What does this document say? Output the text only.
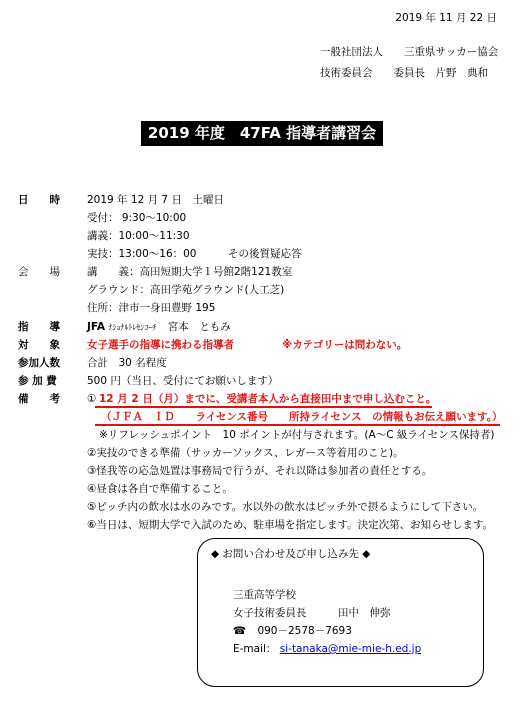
2019 年 11 月 22 日
一般社団法人　　三重県サッカー協会
技術委員会　　委員長　片野　典和
2019 年度　47FA 指導者講習会
日　　時	2019 年 12 月 7 日　土曜日
受付： 9:30～10:00
講義：10:00～11:30
実技：13:00～16：00　　　その後質疑応答
会　　場	講　　義：高田短期大学１号館2階121教室
グラウンド：高田学苑グラウンド(人工芝)
住所：津市一身田豊野 195
指　　導	JFA ﾅｼｮﾅﾙﾄﾚｾﾝｺｰﾁ 宮本　ともみ
対　　象	女子選手の指導に携わる指導者	※カテゴリーは問わない。
参加人数	合計　30 名程度
参 加 費	500 円（当日、受付にてお願いします）
備　　考	① 12 月 2 日（月）までに、受講者本人から直接田中まで申し込むこと。
（ＪＦＡ　ＩＤ　　ライセンス番号　　所持ライセンス　の情報もお伝え願います。）
※リフレッシュポイント　10 ポイントが付与されます。(A～C 級ライセンス保持者)
②実技のできる準備（サッカーソックス、レガース等着用のこと)。
③怪我等の応急処置は事務局で行うが、それ以降は参加者の責任とする。
④昼食は各自で準備すること。
⑤ピッチ内の飲水は水のみです。水以外の飲水はピッチ外で摂るようにして下さい。
⑥当日は、短期大学で入試のため、駐車場を指定します。決定次第、お知らせします。
◆ お問い合わせ及び申し込み先 ◆
三重高等学校
女子技術委員長　　　田中　伸弥
☎ 090－2578－7693
E-mail： si-tanaka@mie-mie-h.ed.jp
